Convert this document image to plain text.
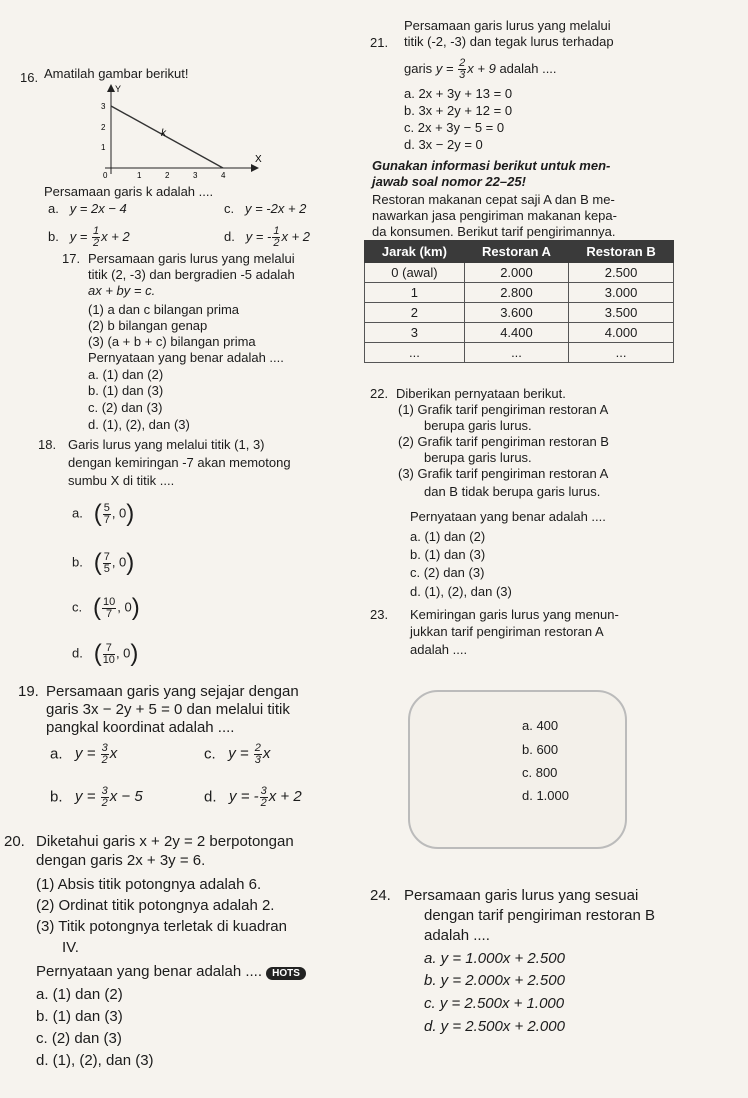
16. Amatilah gambar berikut!
Y
X
k
3
2
1
0	1	2	3	4
Persamaan garis k adalah ....
a. y = 2x − 4	c. y = -2x + 2
b. $y = \frac{1}{2}$ x + 2	d. y = - $\frac{1}{2}$ x + 2
17. Persamaan garis lurus yang melalui
titik (2, -3) dan bergradien -5 adalah
ax + by = c.
(1) a dan c bilangan prima
(2) b bilangan genap
(3) (a + b + c) bilangan prima
Pernyataan yang benar adalah ....
a. (1) dan (2)
b. (1) dan (3)
c. (2) dan (3)
d. (1), (2), dan (3)
18. Garis lurus yang melalui titik (1, 3)
dengan kemiringan -7 akan memotong
sumbu X di titik ....
a. ( $\frac{5}{7}$ , 0)
b. ( $\frac{7}{5}$ , 0)
c. ( $\frac{10}{7}$ , 0)
d. ( $\frac{7}{10}$ , 0)
19. Persamaan garis yang sejajar dengan
garis 3x − 2y + 5 = 0 dan melalui titik
pangkal koordinat adalah ....
a. $y = \frac{3}{2}$ x	c. $y = \frac{2}{3}$ x
b. $y = \frac{3}{2}$ x − 5	d. y = - $\frac{3}{2}$ x + 2
20. Diketahui garis x + 2y = 2 berpotongan
dengan garis 2x + 3y = 6.
(1) Absis titik potongnya adalah 6.
(2) Ordinat titik potongnya adalah 2.
(3) Titik potongnya terletak di kuadran
IV.
Pernyataan yang benar adalah .... HOTS
a. (1) dan (2)
b. (1) dan (3)
c. (2) dan (3)
d. (1), (2), dan (3)
21.
Persamaan garis lurus yang melalui
titik (-2, -3) dan tegak lurus terhadap
garis $y = \frac{2}{3}$ x + 9 adalah ....
a. 2x + 3y + 13 = 0
b. 3x + 2y + 12 = 0
c. 2x + 3y − 5 = 0
d. 3x − 2y = 0
Gunakan informasi berikut untuk men-
jawab soal nomor 22–25!
Restoran makanan cepat saji A dan B me-
nawarkan jasa pengiriman makanan kepa-
da konsumen. Berikut tarif pengirimannya.
Jarak (km)	Restoran A	Restoran B
0 (awal)	2.000	2.500
1	2.800	3.000
2	3.600	3.500
3	4.400	4.000
...	...	...
22. Diberikan pernyataan berikut.
(1) Grafik tarif pengiriman restoran A
berupa garis lurus.
(2) Grafik tarif pengiriman restoran B
berupa garis lurus.
(3) Grafik tarif pengiriman restoran A
dan B tidak berupa garis lurus.
Pernyataan yang benar adalah ....
a. (1) dan (2)
b. (1) dan (3)
c. (2) dan (3)
d. (1), (2), dan (3)
23. Kemiringan garis lurus yang menun-
jukkan tarif pengiriman restoran A
adalah ....
a. 400
b. 600
c. 800
d. 1.000
24. Persamaan garis lurus yang sesuai
dengan tarif pengiriman restoran B
adalah ....
a. y = 1.000x + 2.500
b. y = 2.000x + 2.500
c. y = 2.500x + 1.000
d. y = 2.500x + 2.000
